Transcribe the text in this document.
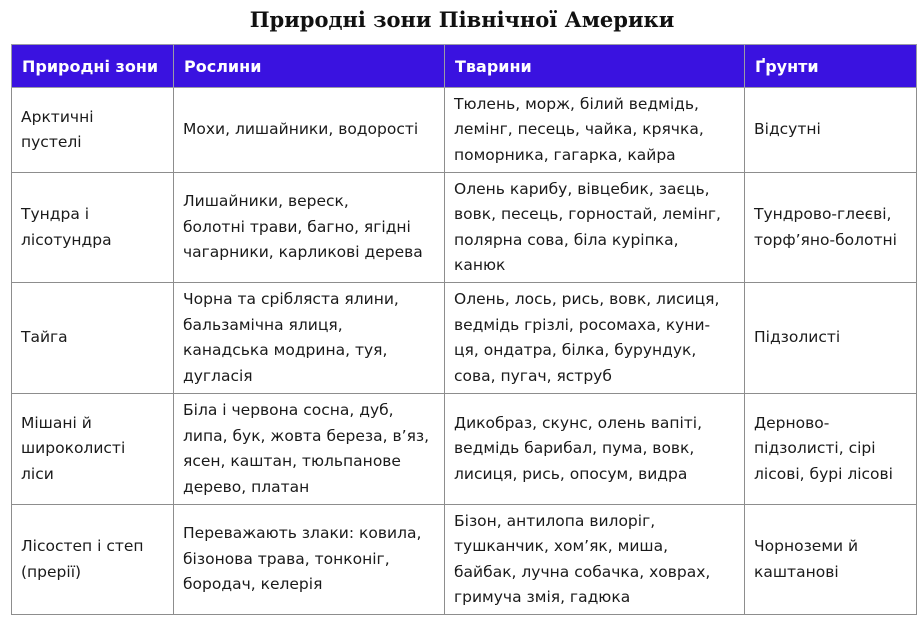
Природні зони Північної Америки
Природні зони	Рослини	Тварини	Ґрунти

Арктичні
пустелі	Мохи, лишайники, водорості	Тюлень, морж, білий ведмідь,
лемінг, песець, чайка, крячка,
поморника, гагарка, кайра	Відсутні

Тундра і
лісотундра	Лишайники, вереск,
болотні трави, багно, ягідні
чагарники, карликові дерева	Олень карибу, вівцебик, заєць,
вовк, песець, горностай, лемінг,
полярна сова, біла куріпка,
канюк	Тундрово-глеєві,
торф’яно-болотні

Тайга	Чорна та срібляста ялини,
бальзамічна ялиця,
канадська модрина, туя,
дугласія	Олень, лось, рись, вовк, лисиця,
ведмідь грізлі, росомаха, куни-
ця, ондатра, білка, бурундук,
сова, пугач, яструб	Підзолисті

Мішані й
широколисті
ліси	Біла і червона сосна, дуб,
липа, бук, жовта береза, в’яз,
ясен, каштан, тюльпанове
дерево, платан	Дикобраз, скунс, олень вапіті,
ведмідь барибал, пума, вовк,
лисиця, рись, опосум, видра	Дерново-
підзолисті, сірі
лісові, бурі лісові

Лісостеп і степ
(прерії)	Переважають злаки: ковила,
бізонова трава, тонконіг,
бородач, келерія	Бізон, антилопа вилоріг,
тушканчик, хом’як, миша,
байбак, лучна собачка, ховрах,
гримуча змія, гадюка	Чорноземи й
каштанові
